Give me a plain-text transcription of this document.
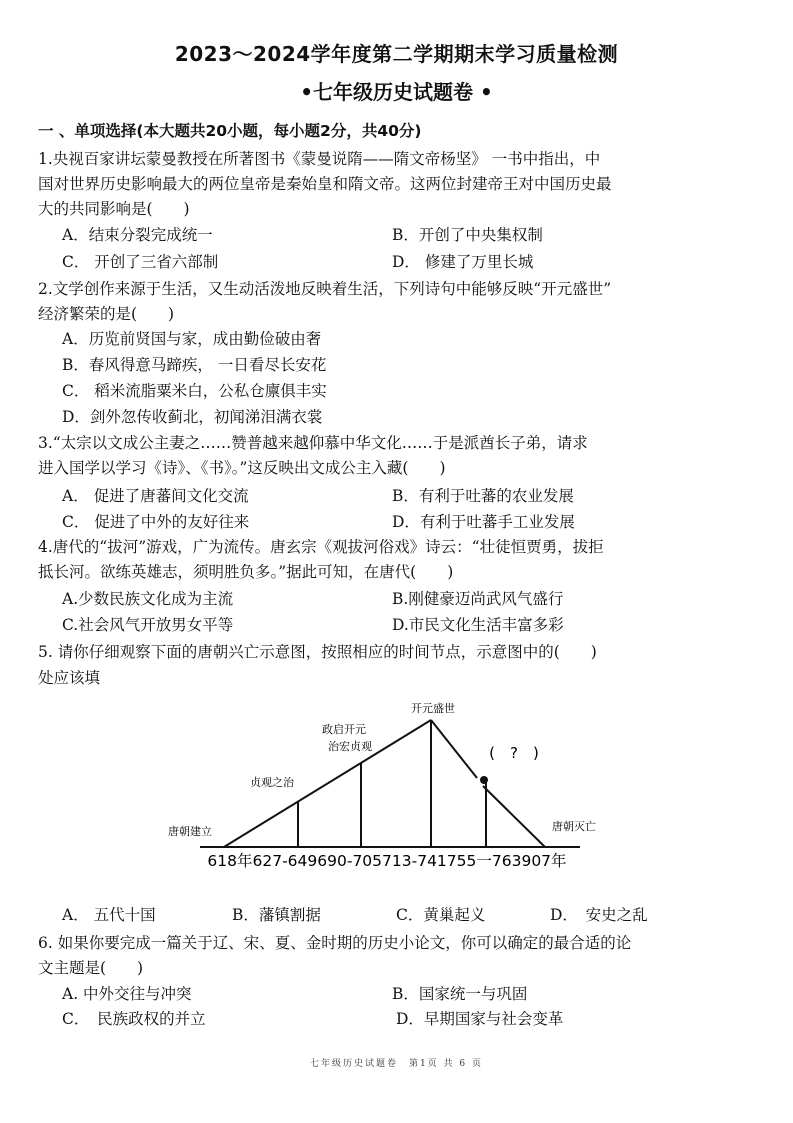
2023～2024学年度第二学期期末学习质量检测
•七年级历史试题卷 •
一 、单项选择(本大题共20小题，每小题2分，共40分)
1.央视百家讲坛蒙曼教授在所著图书《蒙曼说隋——隋文帝杨坚》 一书中指出，中
国对世界历史影响最大的两位皇帝是秦始皇和隋文帝。这两位封建帝王对中国历史最
大的共同影响是(　　)
A．结束分裂完成统一	B．开创了中央集权制
C． 开创了三省六部制	D． 修建了万里长城
2.文学创作来源于生活，又生动活泼地反映着生活，下列诗句中能够反映“开元盛世”
经济繁荣的是(　　)
A．历览前贤国与家，成由勤俭破由奢
B．春风得意马蹄疾， 一日看尽长安花
C． 稻米流脂粟米白，公私仓廪俱丰实
D．剑外忽传收蓟北，初闻涕泪满衣裳
3.“太宗以文成公主妻之……赞普越来越仰慕中华文化……于是派酋长子弟，请求
进入国学以学习《诗》、《书》。”这反映出文成公主入藏(　　)
A． 促进了唐蕃间文化交流	B．有利于吐蕃的农业发展
C． 促进了中外的友好往来	D．有利于吐蕃手工业发展
4.唐代的“拔河”游戏，广为流传。唐玄宗《观拔河俗戏》诗云：“壮徒恒贾勇，拔拒
抵长河。欲练英雄志，须明胜负多。”据此可知，在唐代(　　)
A.少数民族文化成为主流	B.刚健豪迈尚武风气盛行
C.社会风气开放男女平等	D.市民文化生活丰富多彩
5. 请你仔细观察下面的唐朝兴亡示意图，按照相应的时间节点，示意图中的(　　)
处应该填
开元盛世
政启开元
治宏贞观
贞观之治
唐朝建立	唐朝灭亡
(　?　)
618年627-649690-705713-741755一763907年
A． 五代十国	B．藩镇割据	C．黄巢起义	D．　安史之乱
6. 如果你要完成一篇关于辽、宋、夏、金时期的历史小论文，你可以确定的最合适的论
文主题是(　　)
A. 中外交往与冲突	B．国家统一与巩固
C．　民族政权的并立	D．早期国家与社会变革
七年级历史试题卷　第1页 共 6 页
